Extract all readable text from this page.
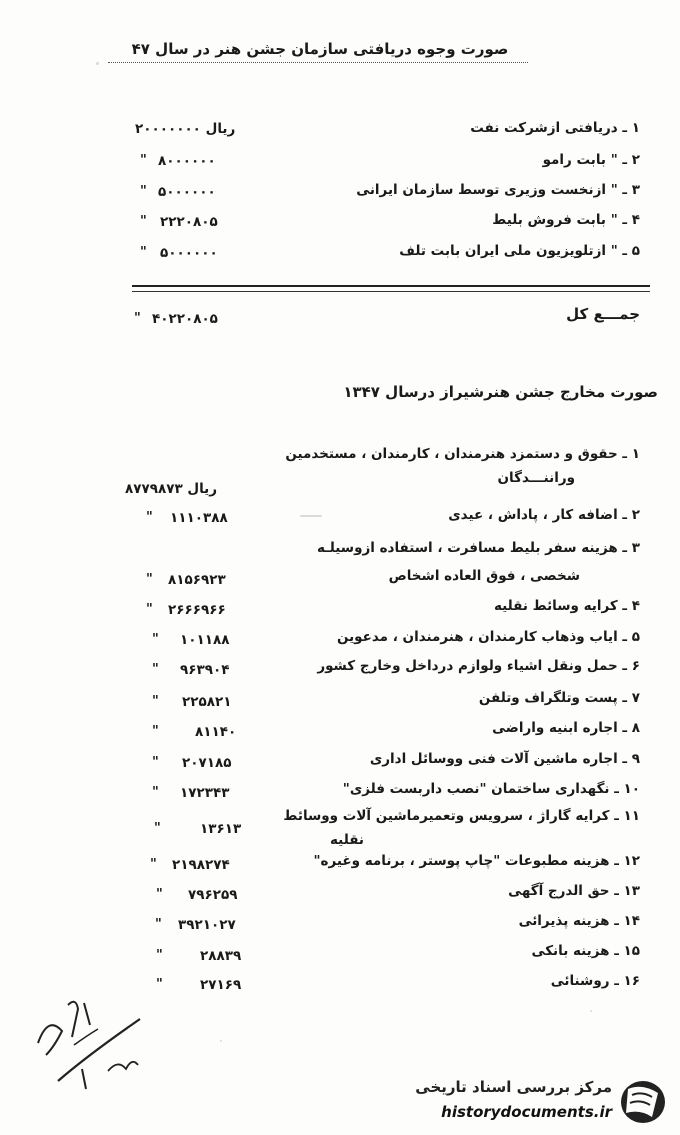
صورت وجوه دریافتی سازمان جشن هنر در سال ۴۷
۱ ـ دریافتی ازشرکت نفت
۲۰۰۰۰۰۰۰ ریال
۲ ـ " بابت رامو
۸۰۰۰۰۰۰
"
۳ ـ " ازنخست وزیری توسط سازمان ایرانی
۵۰۰۰۰۰۰
"
۴ ـ " بابت فروش بلیط
۲۲۲۰۸۰۵
"
۵ ـ " ازتلویزیون ملی ایران بابت تلف
۵۰۰۰۰۰۰
"
جمـــع کل
۴۰۲۲۰۸۰۵
"
صورت مخارج جشن هنرشیراز درسال ۱۳۴۷
۱ ـ حقوق و دستمزد هنرمندان ، کارمندان ، مستخدمین
وراننـــدگان
۸۷۷۹۸۷۳ ریال
۲ ـ اضافه کار ، پاداش ، عیدی
۱۱۱۰۳۸۸
"
۳ ـ هزینه سفر بلیط مسافرت ، استفاده ازوسیلـه
شخصی ، فوق العاده اشخاص
۸۱۵۶۹۲۳
"
۴ ـ کرایه وسائط نقلیه
۲۶۶۶۹۶۶
"
۵ ـ ایاب وذهاب کارمندان ، هنرمندان ، مدعوین
۱۰۱۱۸۸
"
۶ ـ حمل ونقل اشیاء ولوازم درداخل وخارج کشور
۹۶۳۹۰۴
"
۷ ـ پست وتلگراف وتلفن
۲۲۵۸۲۱
"
۸ ـ اجاره ابنیه واراضی
۸۱۱۴۰
"
۹ ـ اجاره ماشین آلات فنی ووسائل اداری
۲۰۷۱۸۵
"
۱۰ ـ نگهداری ساختمان "نصب داربست فلزی"
۱۷۲۳۴۳
"
۱۱ ـ کرایه گاراژ ، سرویس وتعمیرماشین آلات ووسائط
نقلیه
۱۳۶۱۳
"
۱۲ ـ هزینه مطبوعات "چاپ پوستر ، برنامه وغیره"
۲۱۹۸۲۷۴
"
۱۳ ـ حق الدرج آگهی
۷۹۶۲۵۹
"
۱۴ ـ هزینه پذیرائی
۳۹۲۱۰۲۷
"
۱۵ ـ هزینه بانکی
۲۸۸۳۹
"
۱۶ ـ روشنائی
۲۷۱۶۹
"
مرکز بررسی اسناد تاریخی
historydocuments.ir
